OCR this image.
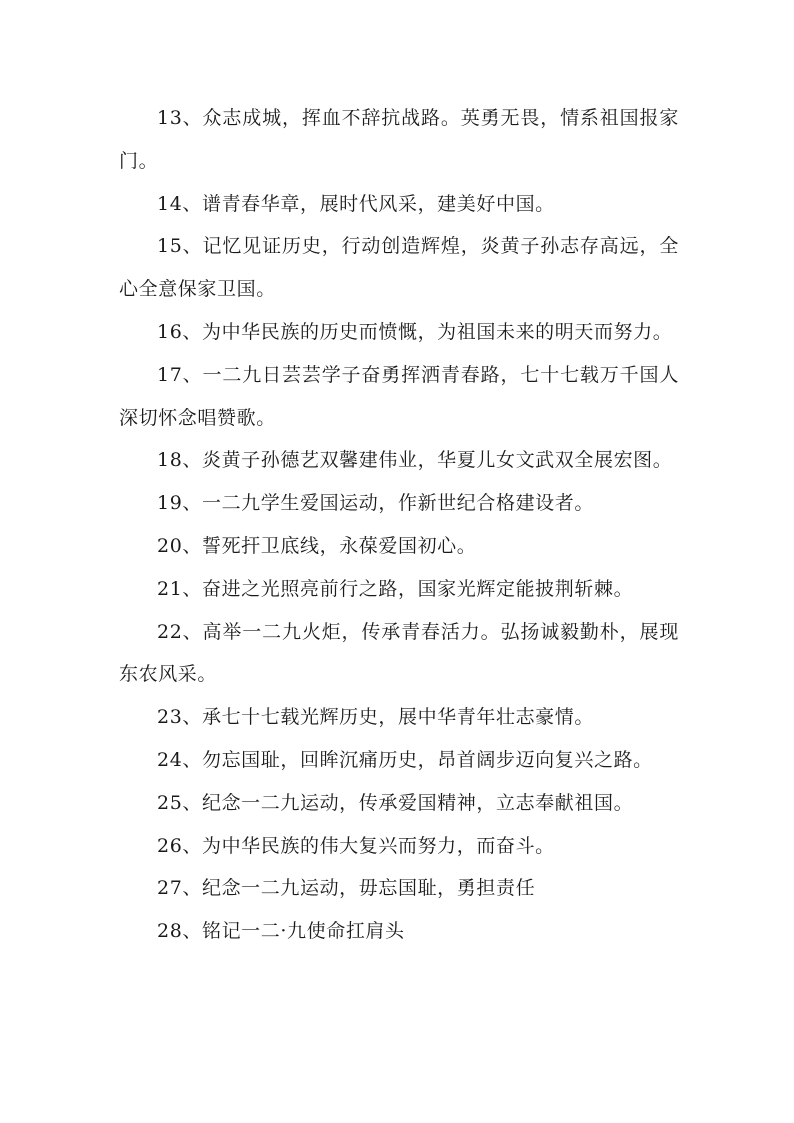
13、众志成城，挥血不辞抗战路。英勇无畏，情系祖国报家门。

14、谱青春华章，展时代风采，建美好中国。

15、记忆见证历史，行动创造辉煌，炎黄子孙志存高远，全心全意保家卫国。

16、为中华民族的历史而愤慨，为祖国未来的明天而努力。

17、一二九日芸芸学子奋勇挥洒青春路，七十七载万千国人深切怀念唱赞歌。

18、炎黄子孙德艺双馨建伟业，华夏儿女文武双全展宏图。

19、一二九学生爱国运动，作新世纪合格建设者。

20、誓死扞卫底线，永葆爱国初心。

21、奋进之光照亮前行之路，国家光辉定能披荆斩棘。

22、高举一二九火炬，传承青春活力。弘扬诚毅勤朴，展现东农风采。

23、承七十七载光辉历史，展中华青年壮志豪情。

24、勿忘国耻，回眸沉痛历史，昂首阔步迈向复兴之路。

25、纪念一二九运动，传承爱国精神，立志奉献祖国。

26、为中华民族的伟大复兴而努力，而奋斗。

27、纪念一二九运动，毋忘国耻，勇担责任

28、铭记一二·九使命扛肩头
